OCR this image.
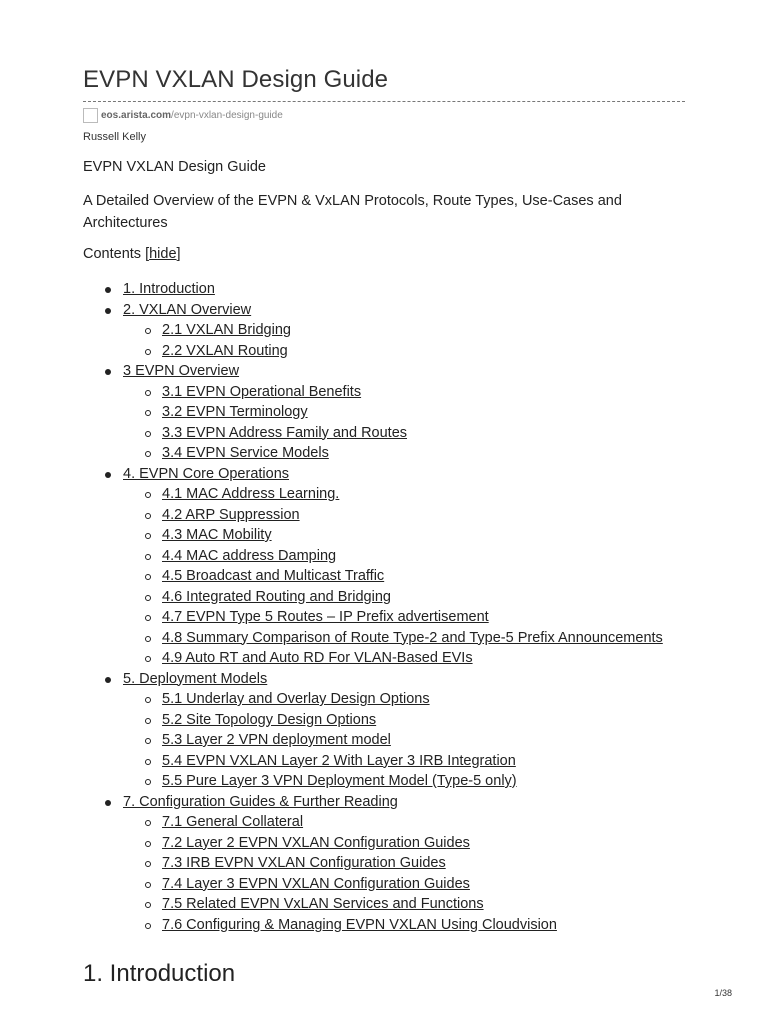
EVPN VXLAN Design Guide
eos.arista.com/evpn-vxlan-design-guide
Russell Kelly
EVPN VXLAN Design Guide

A Detailed Overview of the EVPN & VxLAN Protocols, Route Types, Use-Cases and Architectures

Contents [hide]
1. Introduction
2. VXLAN Overview
2.1 VXLAN Bridging
2.2 VXLAN Routing
3 EVPN Overview
3.1 EVPN Operational Benefits
3.2 EVPN Terminology
3.3 EVPN Address Family and Routes
3.4 EVPN Service Models
4. EVPN Core Operations
4.1 MAC Address Learning.
4.2 ARP Suppression
4.3 MAC Mobility
4.4 MAC address Damping
4.5 Broadcast and Multicast Traffic
4.6 Integrated Routing and Bridging
4.7 EVPN Type 5 Routes – IP Prefix advertisement
4.8 Summary Comparison of Route Type-2 and Type-5 Prefix Announcements
4.9 Auto RT and Auto RD For VLAN-Based EVIs
5. Deployment Models
5.1 Underlay and Overlay Design Options
5.2 Site Topology Design Options
5.3 Layer 2 VPN deployment model
5.4 EVPN VXLAN Layer 2 With Layer 3 IRB Integration
5.5 Pure Layer 3 VPN Deployment Model (Type-5 only)
7. Configuration Guides & Further Reading
7.1 General Collateral
7.2 Layer 2 EVPN VXLAN Configuration Guides
7.3 IRB EVPN VXLAN Configuration Guides
7.4 Layer 3 EVPN VXLAN Configuration Guides
7.5 Related EVPN VxLAN Services and Functions
7.6 Configuring & Managing EVPN VXLAN Using Cloudvision
1. Introduction
1/38
